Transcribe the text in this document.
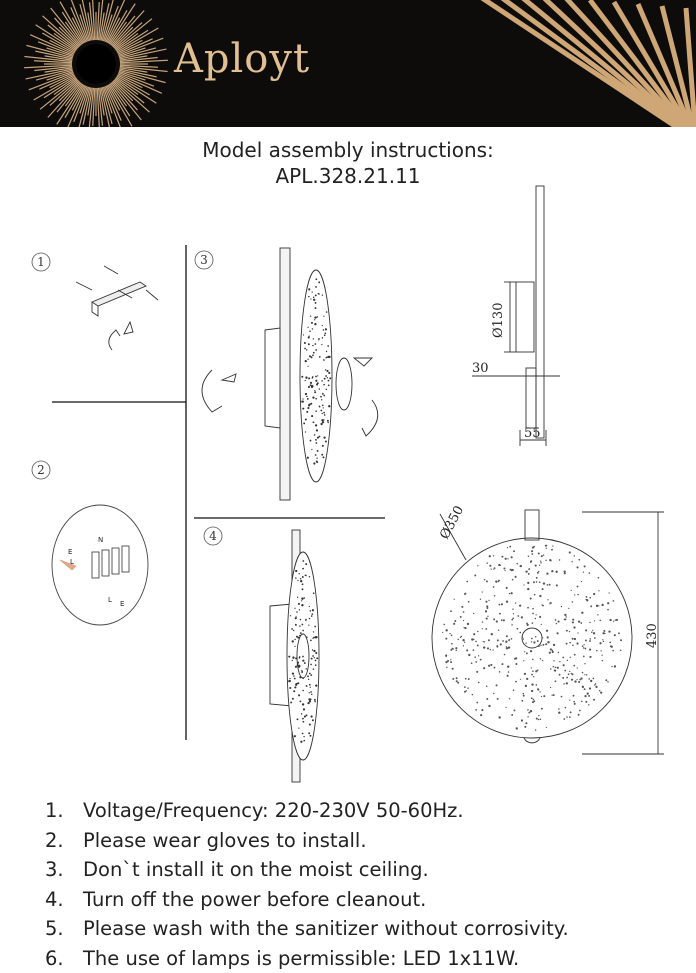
Aployt
Model assembly instructions:
APL.328.21.11
1
2
3
4
N
E
L
L E
Ø130
30
55
Ø350
430
1. Voltage/Frequency: 220-230V 50-60Hz.
2. Please wear gloves to install.
3. Don`t install it on the moist ceiling.
4. Turn off the power before cleanout.
5. Please wash with the sanitizer without corrosivity.
6. The use of lamps is permissible: LED 1x11W.
